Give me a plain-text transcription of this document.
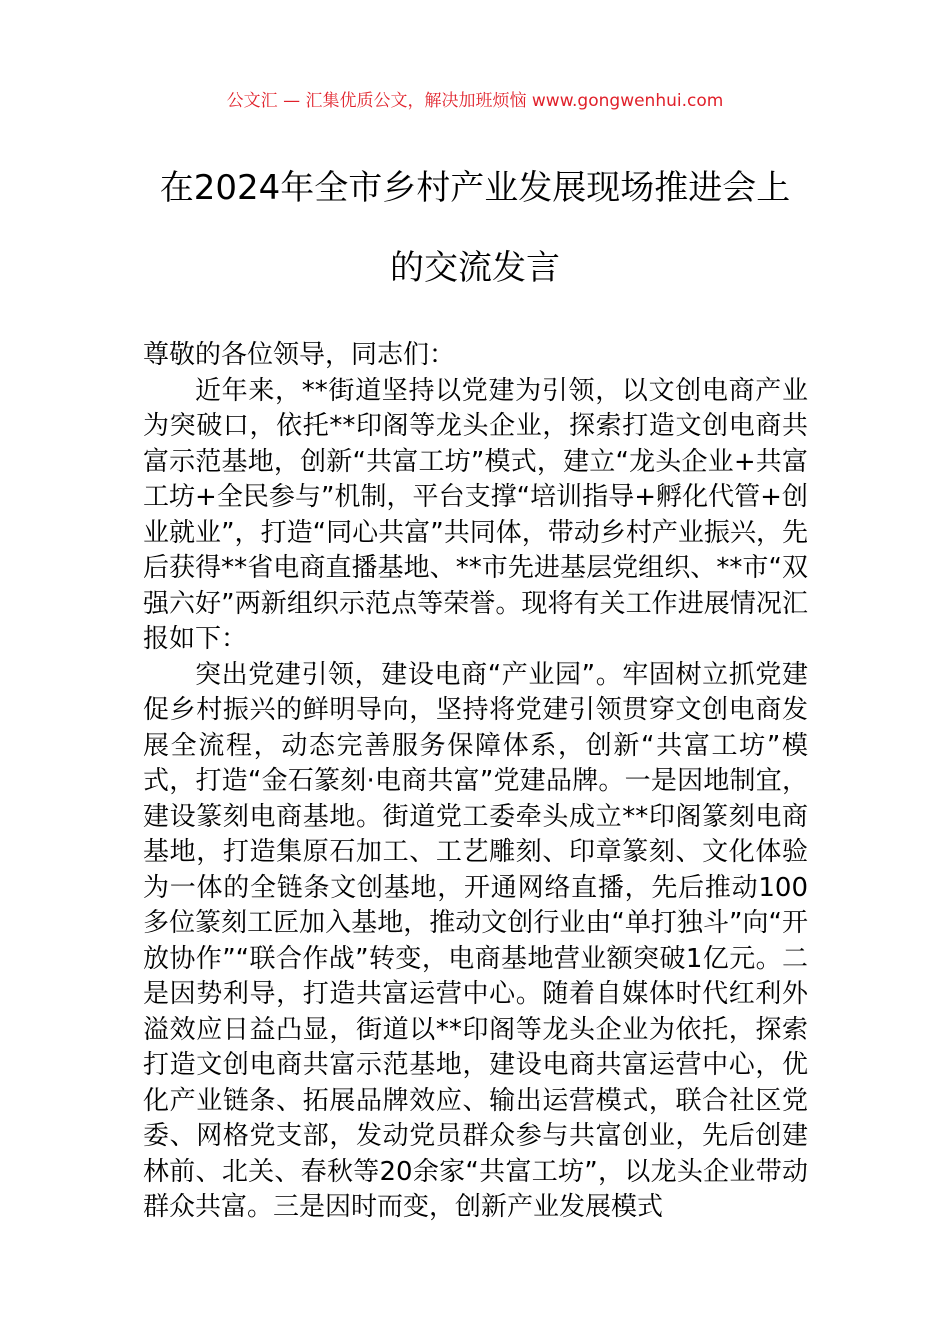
公文汇 — 汇集优质公文，解决加班烦恼 www.gongwenhui.com
在2024年全市乡村产业发展现场推进会上
的交流发言

尊敬的各位领导，同志们：

近年来，**街道坚持以党建为引领，以文创电商产业为突破口，依托**印阁等龙头企业，探索打造文创电商共富示范基地，创新“共富工坊”模式，建立“龙头企业+共富工坊+全民参与”机制，平台支撑“培训指导+孵化代管+创业就业”，打造“同心共富”共同体，带动乡村产业振兴，先后获得**省电商直播基地、**市先进基层党组织、**市“双强六好”两新组织示范点等荣誉。现将有关工作进展情况汇报如下：

突出党建引领，建设电商“产业园”。牢固树立抓党建促乡村振兴的鲜明导向，坚持将党建引领贯穿文创电商发展全流程，动态完善服务保障体系，创新“共富工坊”模式，打造“金石篆刻·电商共富”党建品牌。一是因地制宜，建设篆刻电商基地。街道党工委牵头成立**印阁篆刻电商基地，打造集原石加工、工艺雕刻、印章篆刻、文化体验为一体的全链条文创基地，开通网络直播，先后推动100多位篆刻工匠加入基地，推动文创行业由“单打独斗”向“开放协作”“联合作战”转变，电商基地营业额突破1亿元。二是因势利导，打造共富运营中心。随着自媒体时代红利外溢效应日益凸显，街道以**印阁等龙头企业为依托，探索打造文创电商共富示范基地，建设电商共富运营中心，优化产业链条、拓展品牌效应、输出运营模式，联合社区党委、网格党支部，发动党员群众参与共富创业，先后创建林前、北关、春秋等20余家“共富工坊”，以龙头企业带动群众共富。三是因时而变，创新产业发展模式
